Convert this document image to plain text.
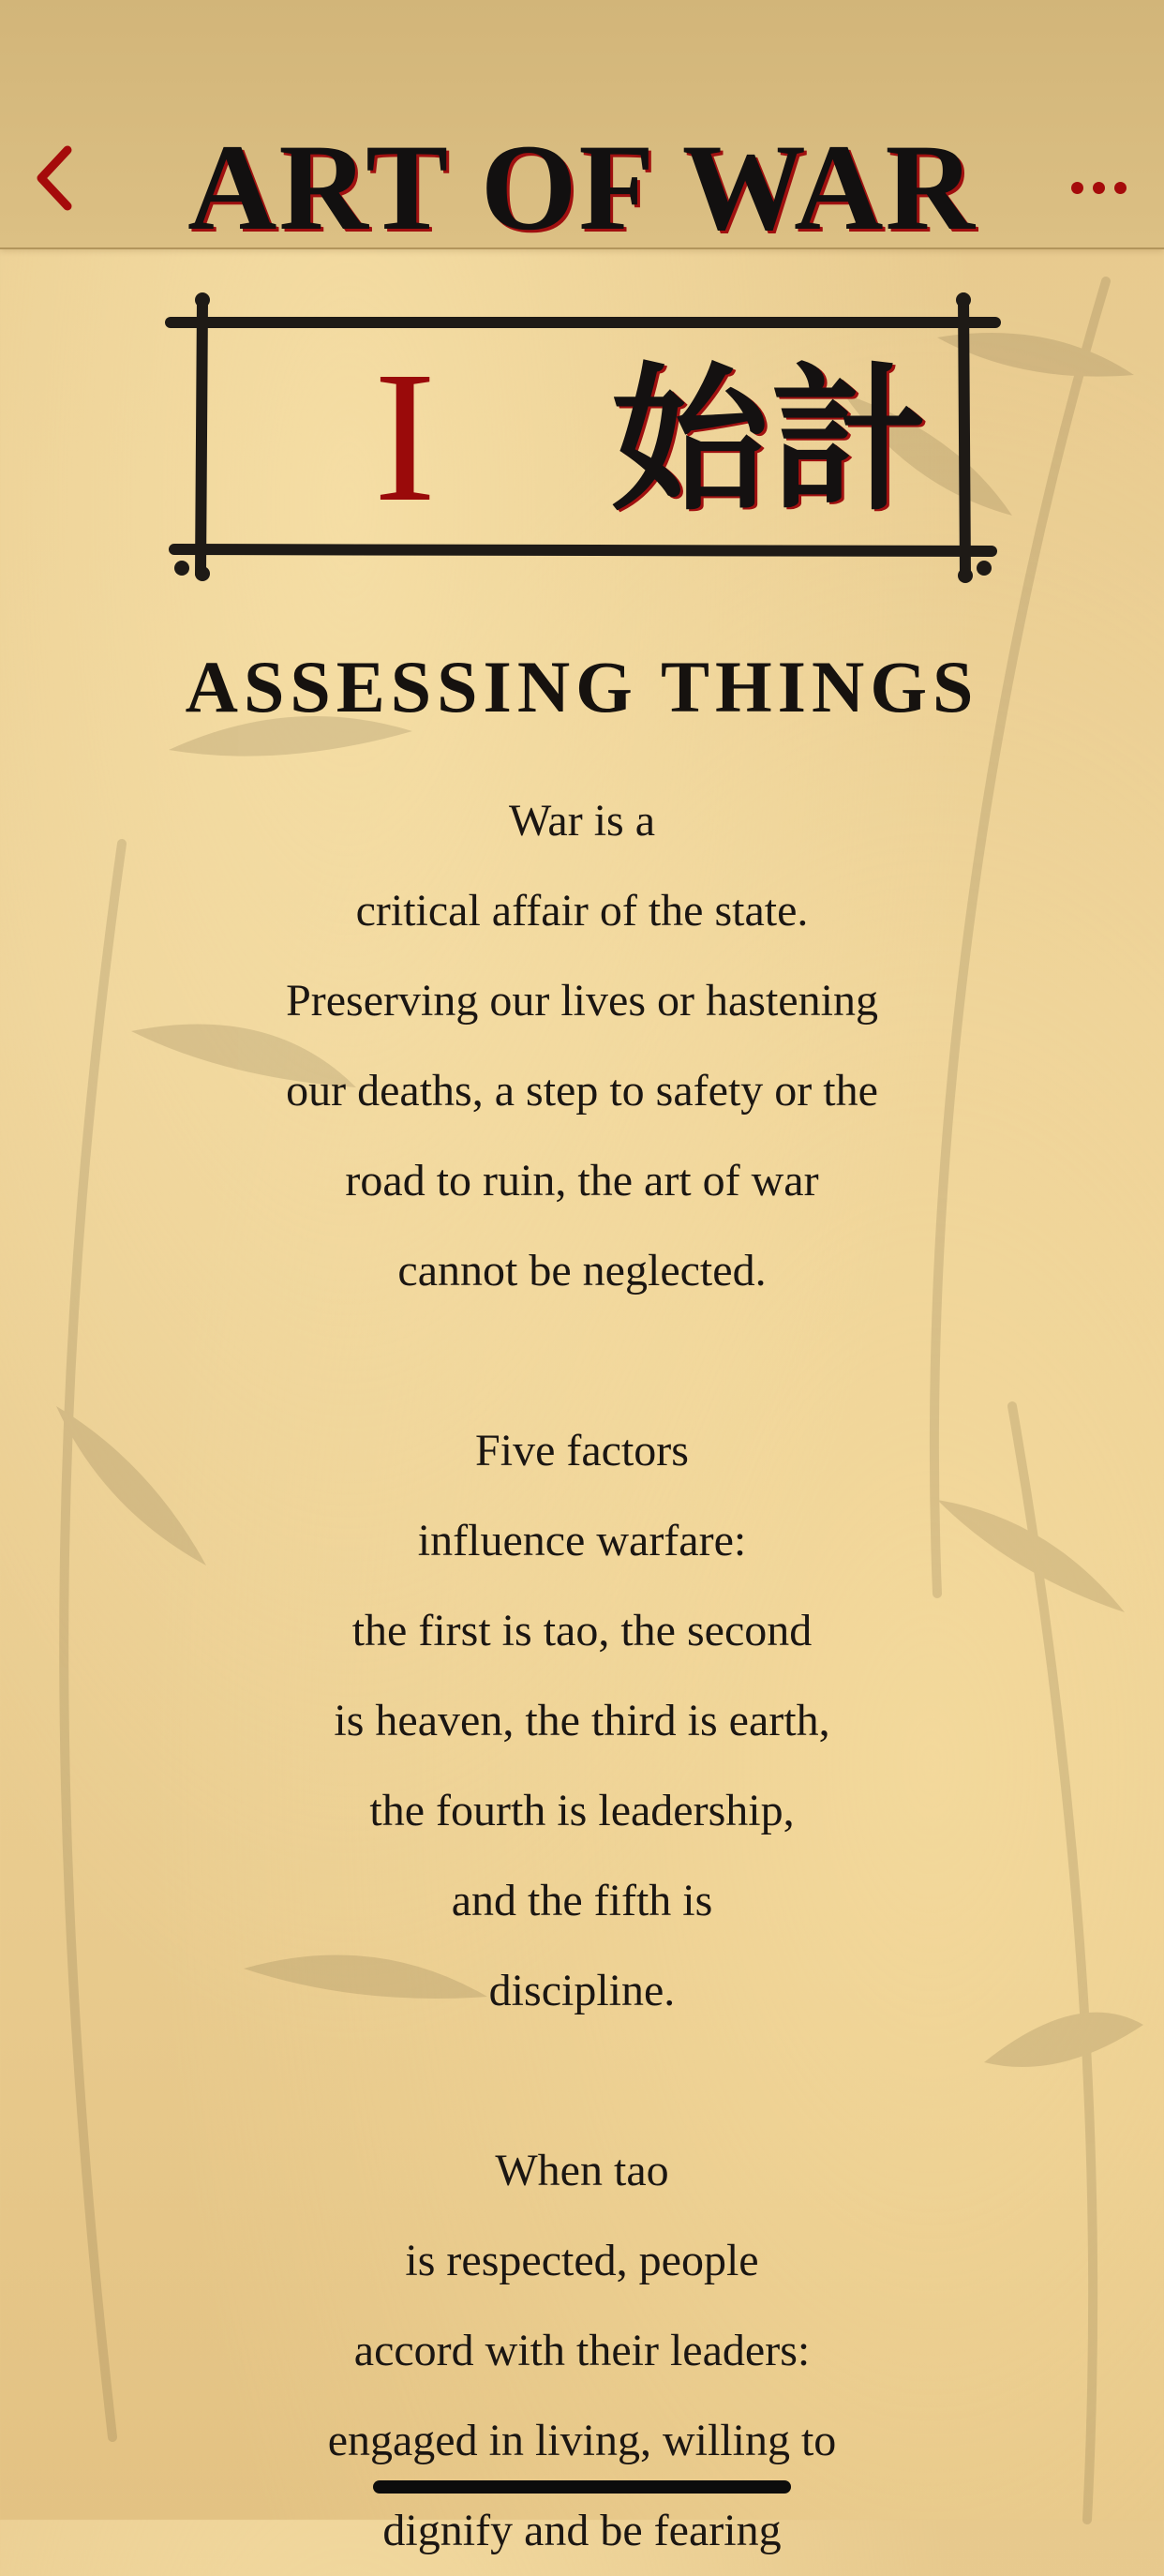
ART OF WAR
I 始計
ASSESSING THINGS
War is a
critical affair of the state.
Preserving our lives or hastening
our deaths, a step to safety or the
road to ruin, the art of war
cannot be neglected.
Five factors
influence warfare:
the first is tao, the second
is heaven, the third is earth,
the fourth is leadership,
and the fifth is
discipline.
When tao
is respected, people
accord with their leaders:
engaged in living, willing to
dignify and be fearing
